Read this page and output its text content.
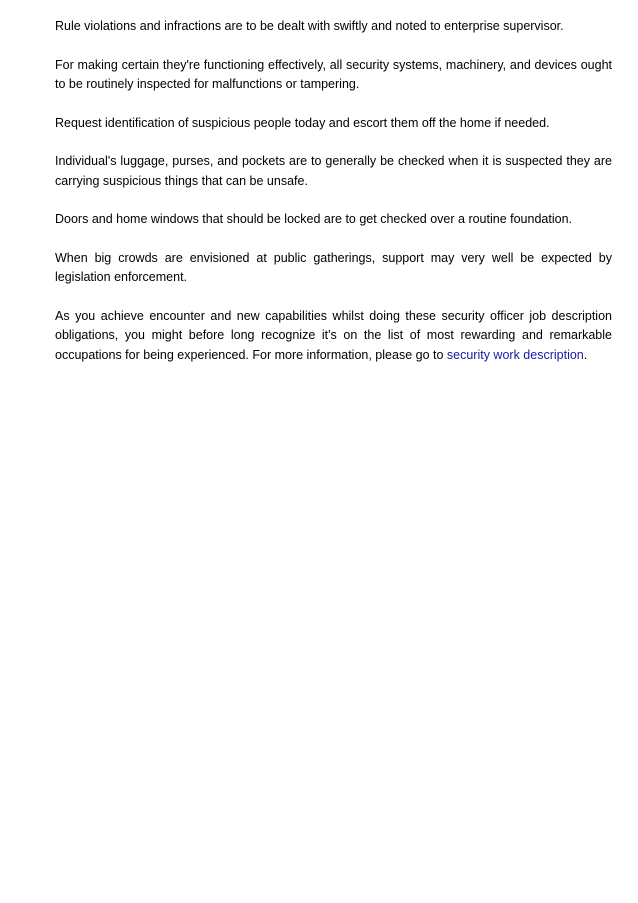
Rule violations and infractions are to be dealt with swiftly and noted to enterprise supervisor.

For making certain they're functioning effectively, all security systems, machinery, and devices ought to be routinely inspected for malfunctions or tampering.

Request identification of suspicious people today and escort them off the home if needed.

Individual's luggage, purses, and pockets are to generally be checked when it is suspected they are carrying suspicious things that can be unsafe.

Doors and home windows that should be locked are to get checked over a routine foundation.

When big crowds are envisioned at public gatherings, support may very well be expected by legislation enforcement.

As you achieve encounter and new capabilities whilst doing these security officer job description obligations, you might before long recognize it's on the list of most rewarding and remarkable occupations for being experienced. For more information, please go to security work description.
